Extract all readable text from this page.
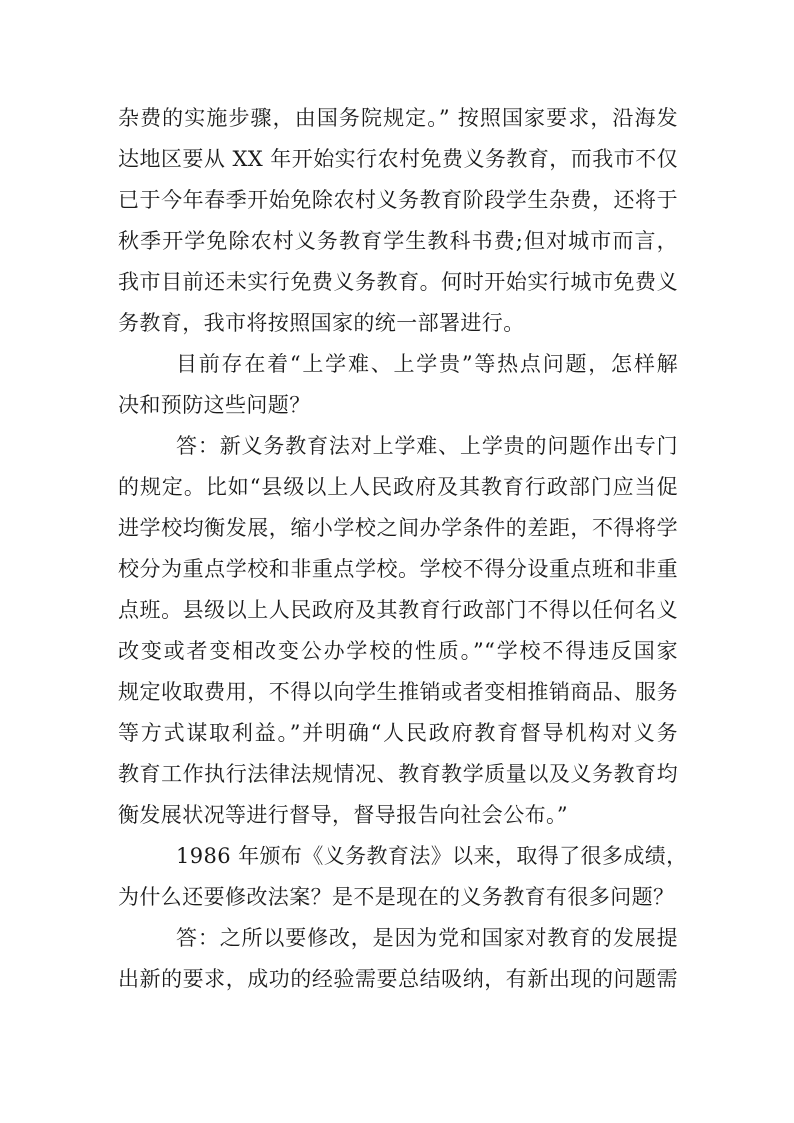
杂费的实施步骤，由国务院规定。” 按照国家要求，沿海发
达地区要从 XX 年开始实行农村免费义务教育，而我市不仅
已于今年春季开始免除农村义务教育阶段学生杂费，还将于
秋季开学免除农村义务教育学生教科书费;但对城市而言，
我市目前还未实行免费义务教育。何时开始实行城市免费义
务教育，我市将按照国家的统一部署进行。
目前存在着“上学难、上学贵”等热点问题，怎样解
决和预防这些问题？
答：新义务教育法对上学难、上学贵的问题作出专门
的规定。比如“县级以上人民政府及其教育行政部门应当促
进学校均衡发展，缩小学校之间办学条件的差距，不得将学
校分为重点学校和非重点学校。学校不得分设重点班和非重
点班。县级以上人民政府及其教育行政部门不得以任何名义
改变或者变相改变公办学校的性质。”“学校不得违反国家
规定收取费用，不得以向学生推销或者变相推销商品、服务
等方式谋取利益。”并明确“人民政府教育督导机构对义务
教育工作执行法律法规情况、教育教学质量以及义务教育均
衡发展状况等进行督导，督导报告向社会公布。”
1986 年颁布《义务教育法》以来，取得了很多成绩，
为什么还要修改法案？是不是现在的义务教育有很多问题？
答：之所以要修改，是因为党和国家对教育的发展提
出新的要求，成功的经验需要总结吸纳，有新出现的问题需
